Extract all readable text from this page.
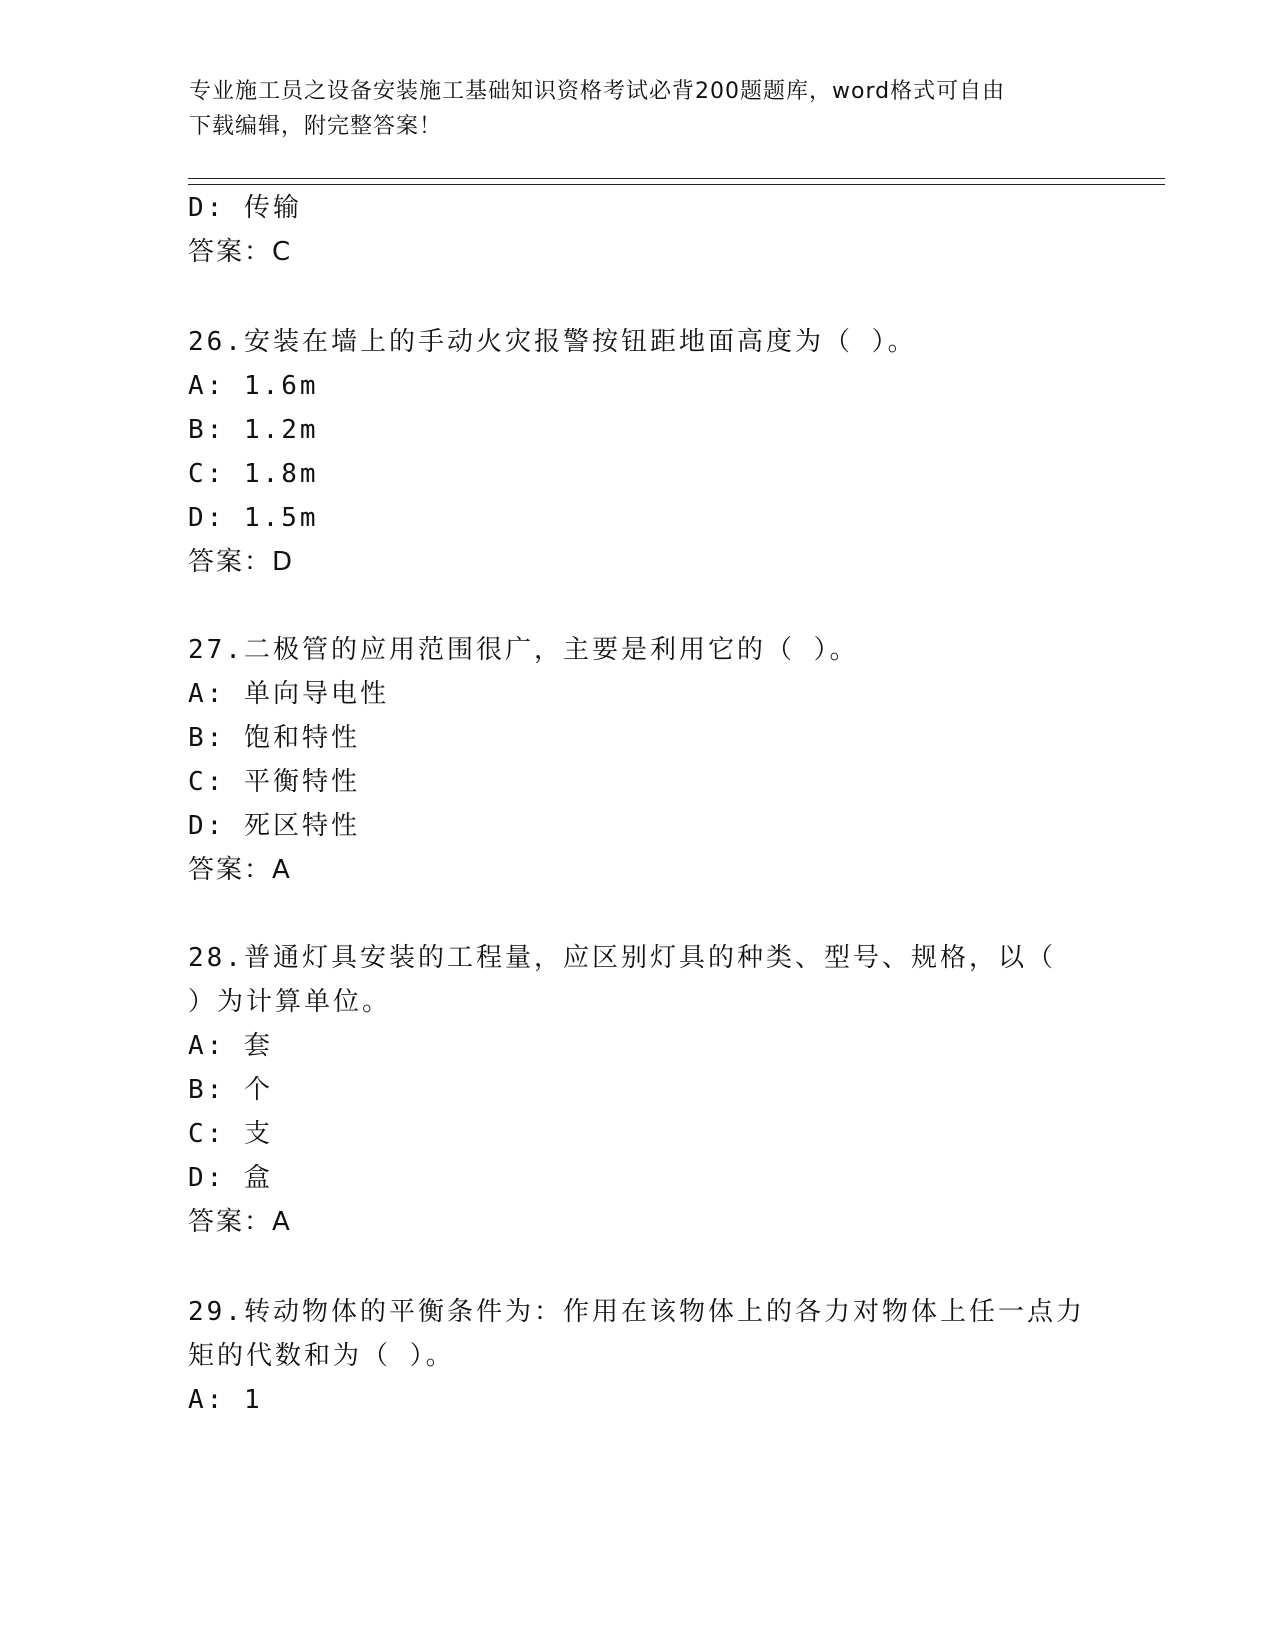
专业施工员之设备安装施工基础知识资格考试必背200题题库，word格式可自由
下载编辑，附完整答案！
D: 传输
答案：C
26.安装在墙上的手动火灾报警按钮距地面高度为（ ）。
A: 1.6m
B: 1.2m
C: 1.8m
D: 1.5m
答案：D
27.二极管的应用范围很广，主要是利用它的（ ）。
A: 单向导电性
B: 饱和特性
C: 平衡特性
D: 死区特性
答案：A
28.普通灯具安装的工程量，应区别灯具的种类、型号、规格，以（
）为计算单位。
A: 套
B: 个
C: 支
D: 盒
答案：A
29.转动物体的平衡条件为：作用在该物体上的各力对物体上任一点力
矩的代数和为（ ）。
A: 1
